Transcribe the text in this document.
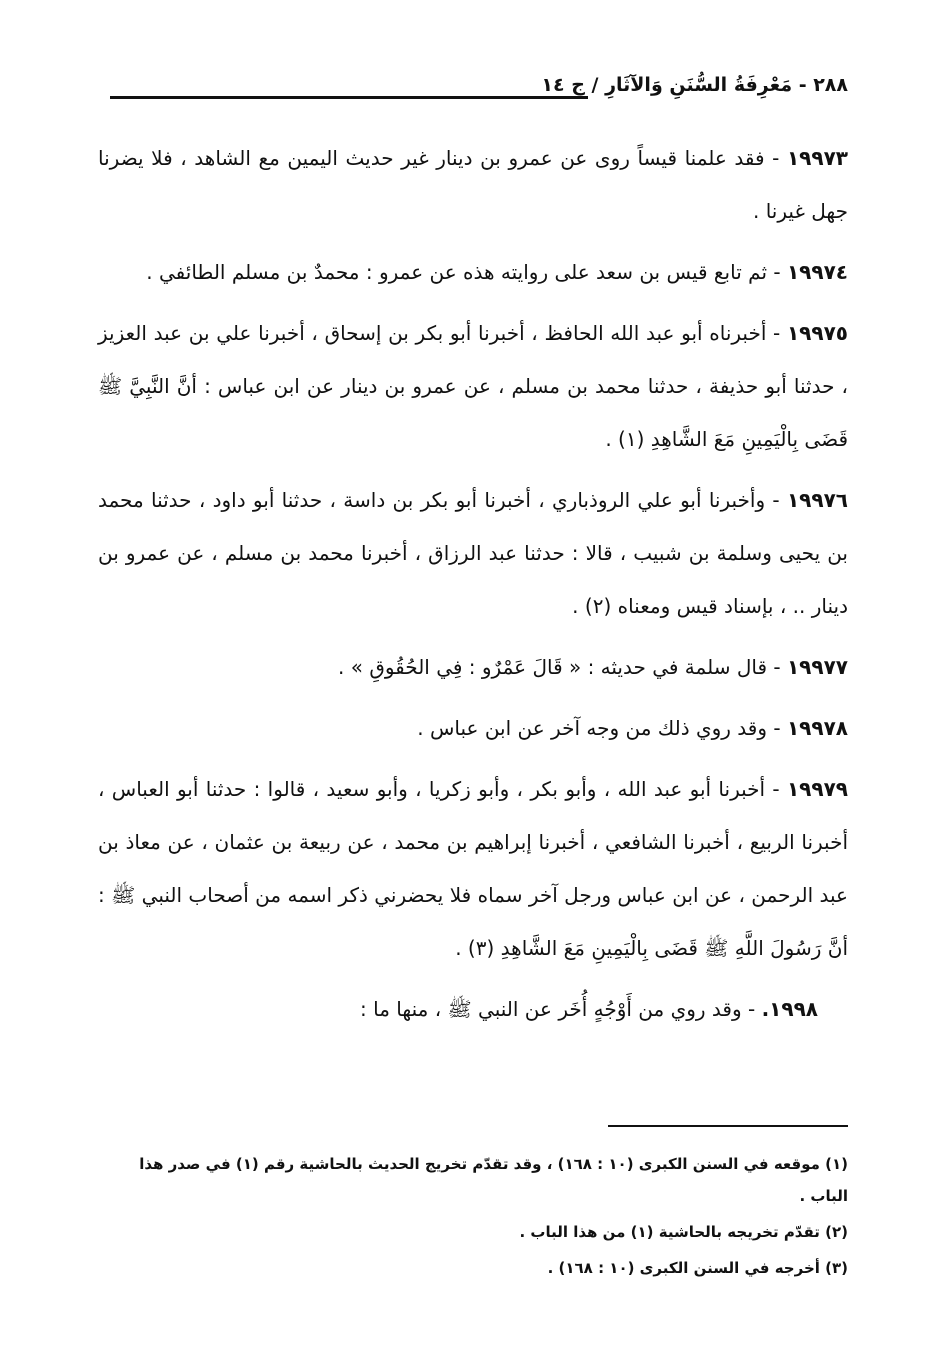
٢٨٨ - مَعْرِفَةُ السُّنَنِ وَالآثَارِ / ج ١٤

١٩٩٧٣ - فقد علمنا قيساً روى عن عمرو بن دينار غير حديث اليمين مع الشاهد ، فلا يضرنا جهل غيرنا .

١٩٩٧٤ - ثم تابع قيس بن سعد على روايته هذه عن عمرو : محمدٌ بن مسلم الطائفي .

١٩٩٧٥ - أخبرناه أبو عبد الله الحافظ ، أخبرنا أبو بكر بن إسحاق ، أخبرنا علي بن عبد العزيز ، حدثنا أبو حذيفة ، حدثنا محمد بن مسلم ، عن عمرو بن دينار عن ابن عباس : أنَّ النَّبِيَّ ﷺ قَضَى بِالْيَمِينِ مَعَ الشَّاهِدِ (١) .

١٩٩٧٦ - وأخبرنا أبو علي الروذباري ، أخبرنا أبو بكر بن داسة ، حدثنا أبو داود ، حدثنا محمد بن يحيى وسلمة بن شبيب ، قالا : حدثنا عبد الرزاق ، أخبرنا محمد بن مسلم ، عن عمرو بن دينار .. ، بإسناد قيس ومعناه (٢) .

١٩٩٧٧ - قال سلمة في حديثه : « قَالَ عَمْرٌو : فِي الحُقُوقِ » .

١٩٩٧٨ - وقد روي ذلك من وجه آخر عن ابن عباس .

١٩٩٧٩ - أخبرنا أبو عبد الله ، وأبو بكر ، وأبو زكريا ، وأبو سعيد ، قالوا : حدثنا أبو العباس ، أخبرنا الربيع ، أخبرنا الشافعي ، أخبرنا إبراهيم بن محمد ، عن ربيعة بن عثمان ، عن معاذ بن عبد الرحمن ، عن ابن عباس ورجل آخر سماه فلا يحضرني ذكر اسمه من أصحاب النبي ﷺ : أنَّ رَسُولَ اللَّهِ ﷺ قَضَى بِالْيَمِينِ مَعَ الشَّاهِدِ (٣) .

١٩٩٨. - وقد روي من أَوْجُهٍ أُخَر عن النبي ﷺ ، منها ما :

(١) موقعه في السنن الكبرى (١٠ : ١٦٨) ، وقد تقدّم تخريج الحديث بالحاشية رقم (١) في صدر هذا الباب .

(٢) تقدّم تخريجه بالحاشية (١) من هذا الباب .

(٣) أخرجه في السنن الكبرى (١٠ : ١٦٨) .
